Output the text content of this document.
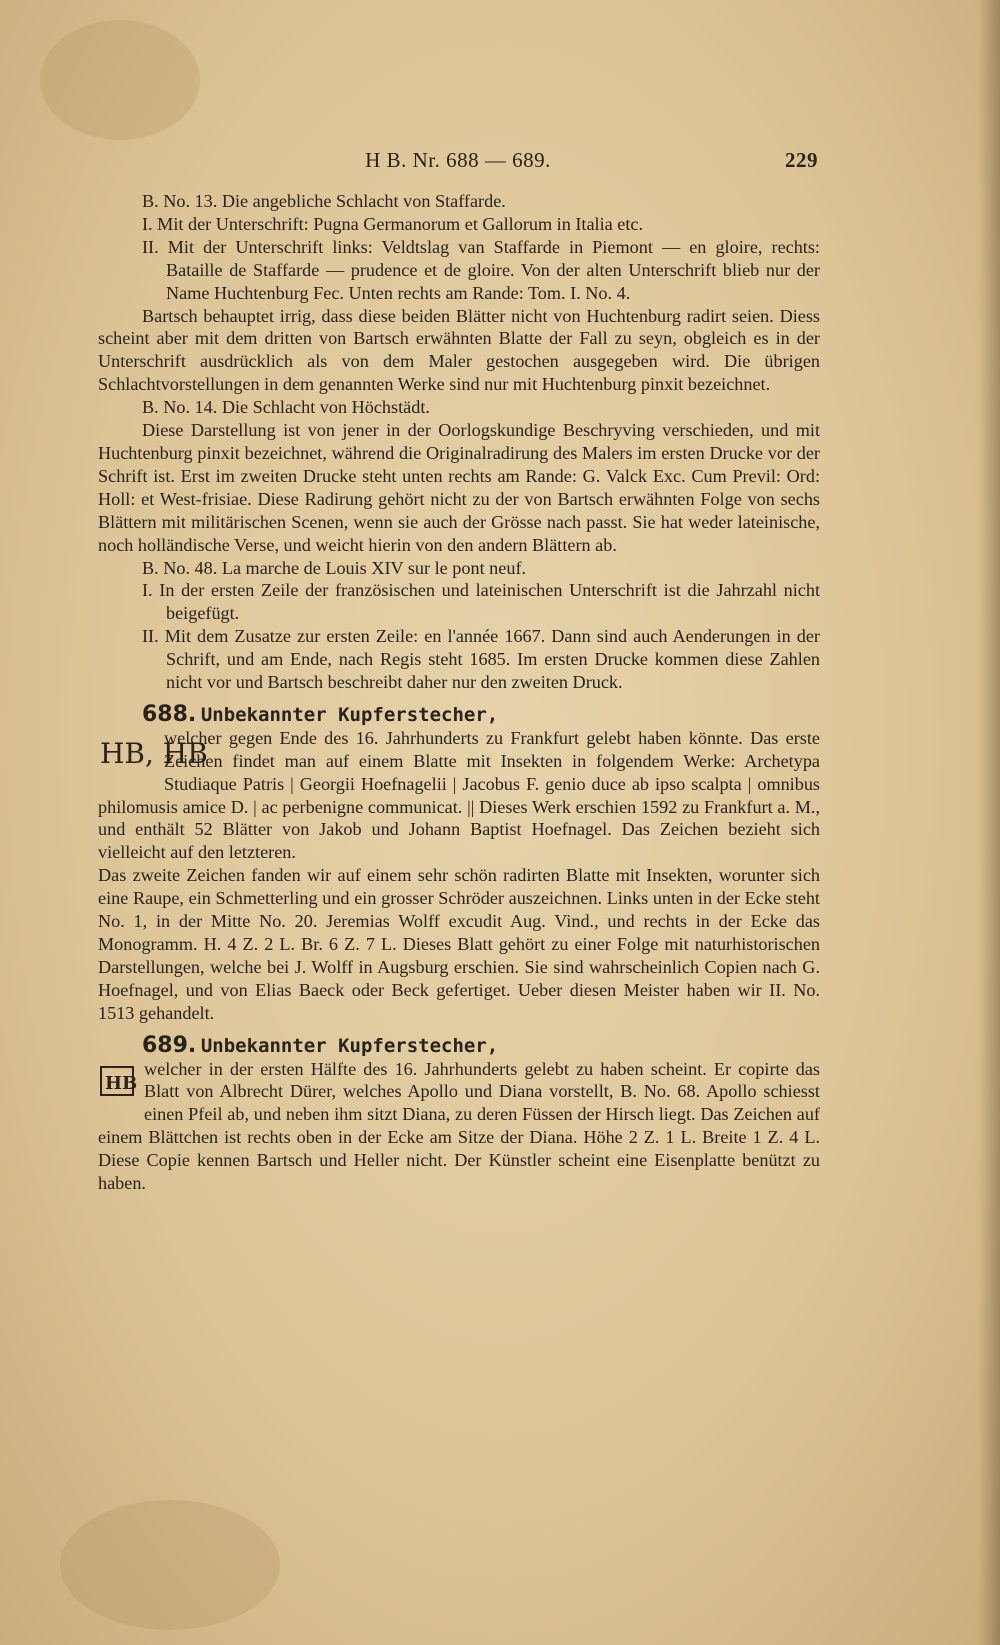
H B. Nr. 688 — 689.	229

B. No. 13. Die angebliche Schlacht von Staffarde.

I. Mit der Unterschrift: Pugna Germanorum et Gallorum in Italia etc.

II. Mit der Unterschrift links: Veldtslag van Staffarde in Piemont — en gloire, rechts: Bataille de Staffarde — prudence et de gloire. Von der alten Unterschrift blieb nur der Name Huchtenburg Fec. Unten rechts am Rande: Tom. I. No. 4.

Bartsch behauptet irrig, dass diese beiden Blätter nicht von Huchtenburg radirt seien. Diess scheint aber mit dem dritten von Bartsch erwähnten Blatte der Fall zu seyn, obgleich es in der Unterschrift ausdrücklich als von dem Maler gestochen ausgegeben wird. Die übrigen Schlachtvorstellungen in dem genannten Werke sind nur mit Huchtenburg pinxit bezeichnet.

B. No. 14. Die Schlacht von Höchstädt.

Diese Darstellung ist von jener in der Oorlogskundige Beschryving verschieden, und mit Huchtenburg pinxit bezeichnet, während die Originalradirung des Malers im ersten Drucke vor der Schrift ist. Erst im zweiten Drucke steht unten rechts am Rande: G. Valck Exc. Cum Previl: Ord: Holl: et West-frisiae. Diese Radirung gehört nicht zu der von Bartsch erwähnten Folge von sechs Blättern mit militärischen Scenen, wenn sie auch der Grösse nach passt. Sie hat weder lateinische, noch holländische Verse, und weicht hierin von den andern Blättern ab.

B. No. 48. La marche de Louis XIV sur le pont neuf.

I. In der ersten Zeile der französischen und lateinischen Unterschrift ist die Jahrzahl nicht beigefügt.

II. Mit dem Zusatze zur ersten Zeile: en l'année 1667. Dann sind auch Aenderungen in der Schrift, und am Ende, nach Regis steht 1685. Im ersten Drucke kommen diese Zahlen nicht vor und Bartsch beschreibt daher nur den zweiten Druck.

688. Unbekannter Kupferstecher,

HB, HB

welcher gegen Ende des 16. Jahrhunderts zu Frankfurt gelebt haben könnte. Das erste Zeichen findet man auf einem Blatte mit Insekten in folgendem Werke: Archetypa Studiaque Patris | Georgii Hoefnagelii | Jacobus F. genio duce ab ipso scalpta | omnibus philomusis amice D. | ac perbenigne communicat. || Dieses Werk erschien 1592 zu Frankfurt a. M., und enthält 52 Blätter von Jakob und Johann Baptist Hoefnagel. Das Zeichen bezieht sich vielleicht auf den letzteren.

Das zweite Zeichen fanden wir auf einem sehr schön radirten Blatte mit Insekten, worunter sich eine Raupe, ein Schmetterling und ein grosser Schröder auszeichnen. Links unten in der Ecke steht No. 1, in der Mitte No. 20. Jeremias Wolff excudit Aug. Vind., und rechts in der Ecke das Monogramm. H. 4 Z. 2 L. Br. 6 Z. 7 L. Dieses Blatt gehört zu einer Folge mit naturhistorischen Darstellungen, welche bei J. Wolff in Augsburg erschien. Sie sind wahrscheinlich Copien nach G. Hoefnagel, und von Elias Baeck oder Beck gefertiget. Ueber diesen Meister haben wir II. No. 1513 gehandelt.

689. Unbekannter Kupferstecher,

HB

welcher in der ersten Hälfte des 16. Jahrhunderts gelebt zu haben scheint. Er copirte das Blatt von Albrecht Dürer, welches Apollo und Diana vorstellt, B. No. 68. Apollo schiesst einen Pfeil ab, und neben ihm sitzt Diana, zu deren Füssen der Hirsch liegt. Das Zeichen auf einem Blättchen ist rechts oben in der Ecke am Sitze der Diana. Höhe 2 Z. 1 L. Breite 1 Z. 4 L. Diese Copie kennen Bartsch und Heller nicht. Der Künstler scheint eine Eisenplatte benützt zu haben.
